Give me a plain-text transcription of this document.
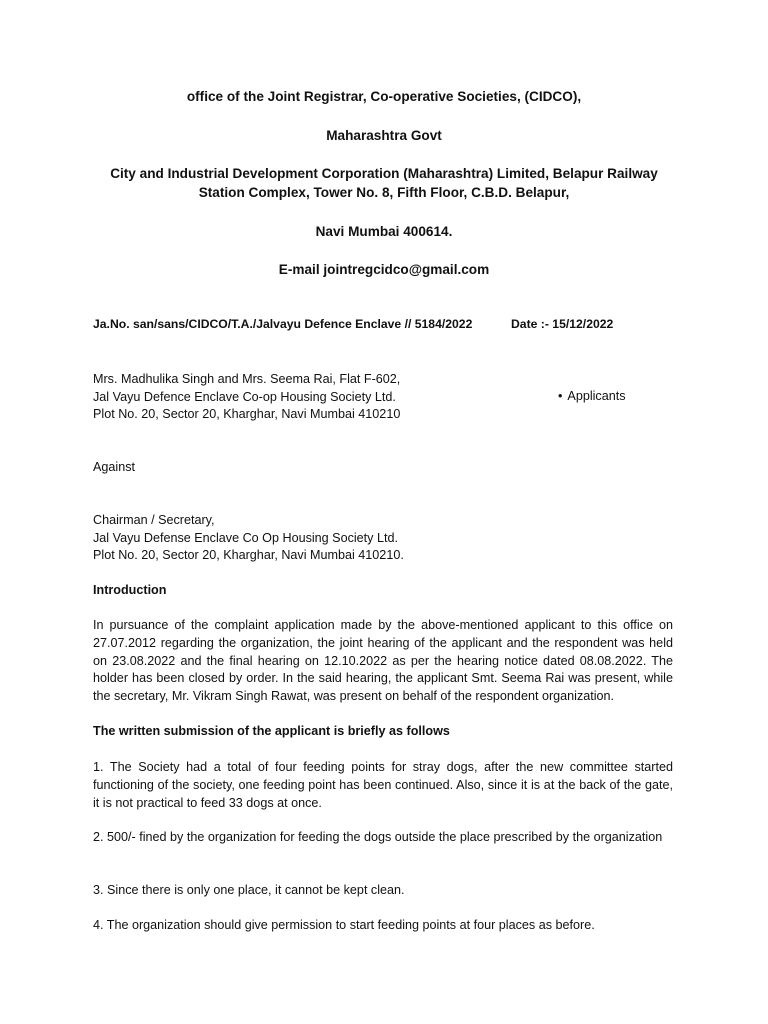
office of the Joint Registrar, Co-operative Societies, (CIDCO),

Maharashtra Govt

City and Industrial Development Corporation (Maharashtra) Limited, Belapur Railway

Station Complex, Tower No. 8, Fifth Floor, C.B.D. Belapur,

Navi Mumbai 400614.

E-mail jointregcidco@gmail.com

Ja.No. san/sans/CIDCO/T.A./Jalvayu Defence Enclave // 5184/2022	Date :- 15/12/2022
Mrs. Madhulika Singh and Mrs. Seema Rai, Flat F-602,
Jal Vayu Defence Enclave Co-op Housing Society Ltd.
Plot No. 20, Sector 20, Kharghar, Navi Mumbai 410210
• Applicants

Against

Chairman / Secretary,
Jal Vayu Defense Enclave Co Op Housing Society Ltd.
Plot No. 20, Sector 20, Kharghar, Navi Mumbai 410210.

Introduction

In pursuance of the complaint application made by the above-mentioned applicant to this office on 27.07.2012 regarding the organization, the joint hearing of the applicant and the respondent was held on 23.08.2022 and the final hearing on 12.10.2022 as per the hearing notice dated 08.08.2022. The holder has been closed by order. In the said hearing, the applicant Smt. Seema Rai was present, while the secretary, Mr. Vikram Singh Rawat, was present on behalf of the respondent organization.

The written submission of the applicant is briefly as follows

1. The Society had a total of four feeding points for stray dogs, after the new committee started functioning of the society, one feeding point has been continued. Also, since it is at the back of the gate, it is not practical to feed 33 dogs at once.

2. 500/- fined by the organization for feeding the dogs outside the place prescribed by the organization

3. Since there is only one place, it cannot be kept clean.

4. The organization should give permission to start feeding points at four places as before.
